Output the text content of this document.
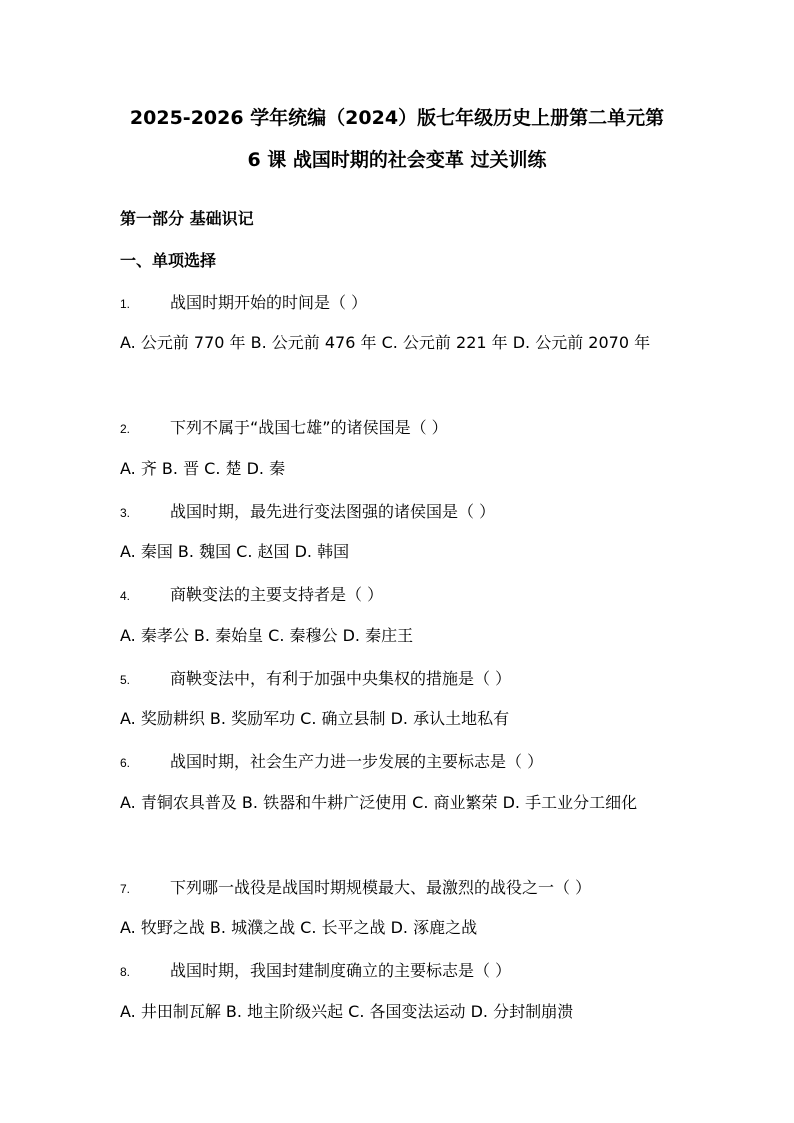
2025-2026 学年统编（2024）版七年级历史上册第二单元第
6 课 战国时期的社会变革 过关训练
第一部分 基础识记
一、单项选择
1. 战国时期开始的时间是（ ）
A. 公元前 770 年 B. 公元前 476 年 C. 公元前 221 年 D. 公元前 2070 年
2. 下列不属于“战国七雄”的诸侯国是（ ）
A. 齐 B. 晋 C. 楚 D. 秦
3. 战国时期，最先进行变法图强的诸侯国是（ ）
A. 秦国 B. 魏国 C. 赵国 D. 韩国
4. 商鞅变法的主要支持者是（ ）
A. 秦孝公 B. 秦始皇 C. 秦穆公 D. 秦庄王
5. 商鞅变法中，有利于加强中央集权的措施是（ ）
A. 奖励耕织 B. 奖励军功 C. 确立县制 D. 承认土地私有
6. 战国时期，社会生产力进一步发展的主要标志是（ ）
A. 青铜农具普及 B. 铁器和牛耕广泛使用 C. 商业繁荣 D. 手工业分工细化
7. 下列哪一战役是战国时期规模最大、最激烈的战役之一（ ）
A. 牧野之战 B. 城濮之战 C. 长平之战 D. 涿鹿之战
8. 战国时期，我国封建制度确立的主要标志是（ ）
A. 井田制瓦解 B. 地主阶级兴起 C. 各国变法运动 D. 分封制崩溃
